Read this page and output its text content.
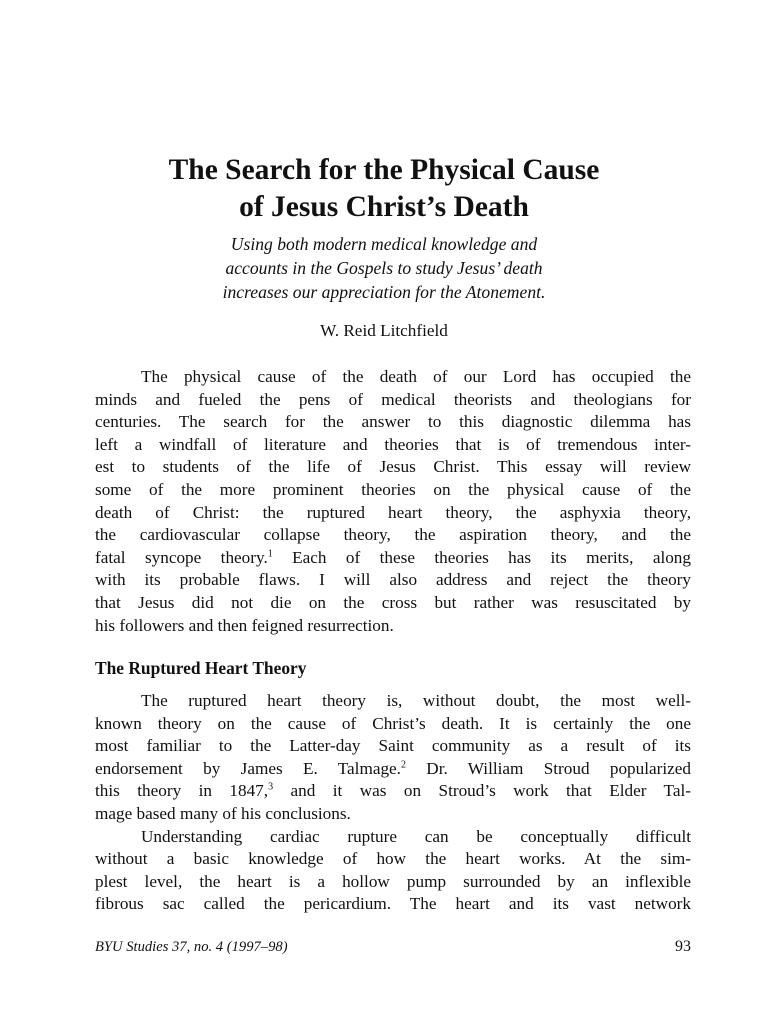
The Search for the Physical Cause
of Jesus Christ’s Death
Using both modern medical knowledge and
accounts in the Gospels to study Jesus’ death
increases our appreciation for the Atonement.
W. Reid Litchfield
The physical cause of the death of our Lord has occupied the
minds and fueled the pens of medical theorists and theologians for
centuries. The search for the answer to this diagnostic dilemma has
left a windfall of literature and theories that is of tremendous inter-
est to students of the life of Jesus Christ. This essay will review
some of the more prominent theories on the physical cause of the
death of Christ: the ruptured heart theory, the asphyxia theory,
the cardiovascular collapse theory, the aspiration theory, and the
fatal syncope theory.$^1$ Each of these theories has its merits, along
with its probable flaws. I will also address and reject the theory
that Jesus did not die on the cross but rather was resuscitated by
his followers and then feigned resurrection.
The Ruptured Heart Theory
The ruptured heart theory is, without doubt, the most well-
known theory on the cause of Christ’s death. It is certainly the one
most familiar to the Latter-day Saint community as a result of its
endorsement by James E. Talmage.$^2$ Dr. William Stroud popularized
this theory in 1847,$^3$ and it was on Stroud’s work that Elder Tal-
mage based many of his conclusions.
Understanding cardiac rupture can be conceptually difficult
without a basic knowledge of how the heart works. At the sim-
plest level, the heart is a hollow pump surrounded by an inflexible
fibrous sac called the pericardium. The heart and its vast network
BYU Studies 37, no. 4 (1997–98)	93
